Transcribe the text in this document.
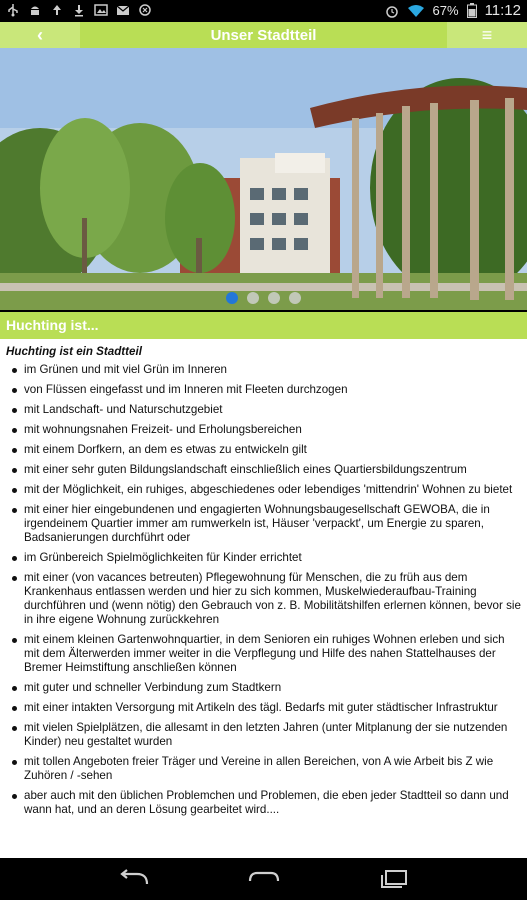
67% 11:12
‹	Unser Stadtteil	≡
Huchting ist...
Huchting ist ein Stadtteil
im Grünen und mit viel Grün im Inneren
von Flüssen eingefasst und im Inneren mit Fleeten durchzogen
mit Landschaft- und Naturschutzgebiet
mit wohnungsnahen Freizeit- und Erholungsbereichen
mit einem Dorfkern, an dem es etwas zu entwickeln gilt
mit einer sehr guten Bildungslandschaft einschließlich eines Quartiersbildungszentrum
mit der Möglichkeit, ein ruhiges, abgeschiedenes oder lebendiges 'mittendrin' Wohnen zu bietet
mit einer hier eingebundenen und engagierten Wohnungsbaugesellschaft GEWOBA, die in irgendeinem Quartier immer am rumwerkeln ist, Häuser 'verpackt', um Energie zu sparen, Badsanierungen durchführt oder
im Grünbereich Spielmöglichkeiten für Kinder errichtet
mit einer (von vacances betreuten) Pflegewohnung für Menschen, die zu früh aus dem Krankenhaus entlassen werden und hier zu sich kommen, Muskelwiederaufbau-Training durchführen und (wenn nötig) den Gebrauch von z. B. Mobilitätshilfen erlernen können, bevor sie in ihre eigene Wohnung zurückkehren
mit einem kleinen Gartenwohnquartier, in dem Senioren ein ruhiges Wohnen erleben und sich mit dem Älterwerden immer weiter in die Verpflegung und Hilfe des nahen Stattelhauses der Bremer Heimstiftung anschließen können
mit guter und schneller Verbindung zum Stadtkern
mit einer intakten Versorgung mit Artikeln des tägl. Bedarfs mit guter städtischer Infrastruktur
mit vielen Spielplätzen, die allesamt in den letzten Jahren (unter Mitplanung der sie nutzenden Kinder) neu gestaltet wurden
mit tollen Angeboten freier Träger und Vereine in allen Bereichen, von A wie Arbeit bis Z wie Zuhören / -sehen
aber auch mit den üblichen Problemchen und Problemen, die eben jeder Stadtteil so dann und wann hat, und an deren Lösung gearbeitet wird....
